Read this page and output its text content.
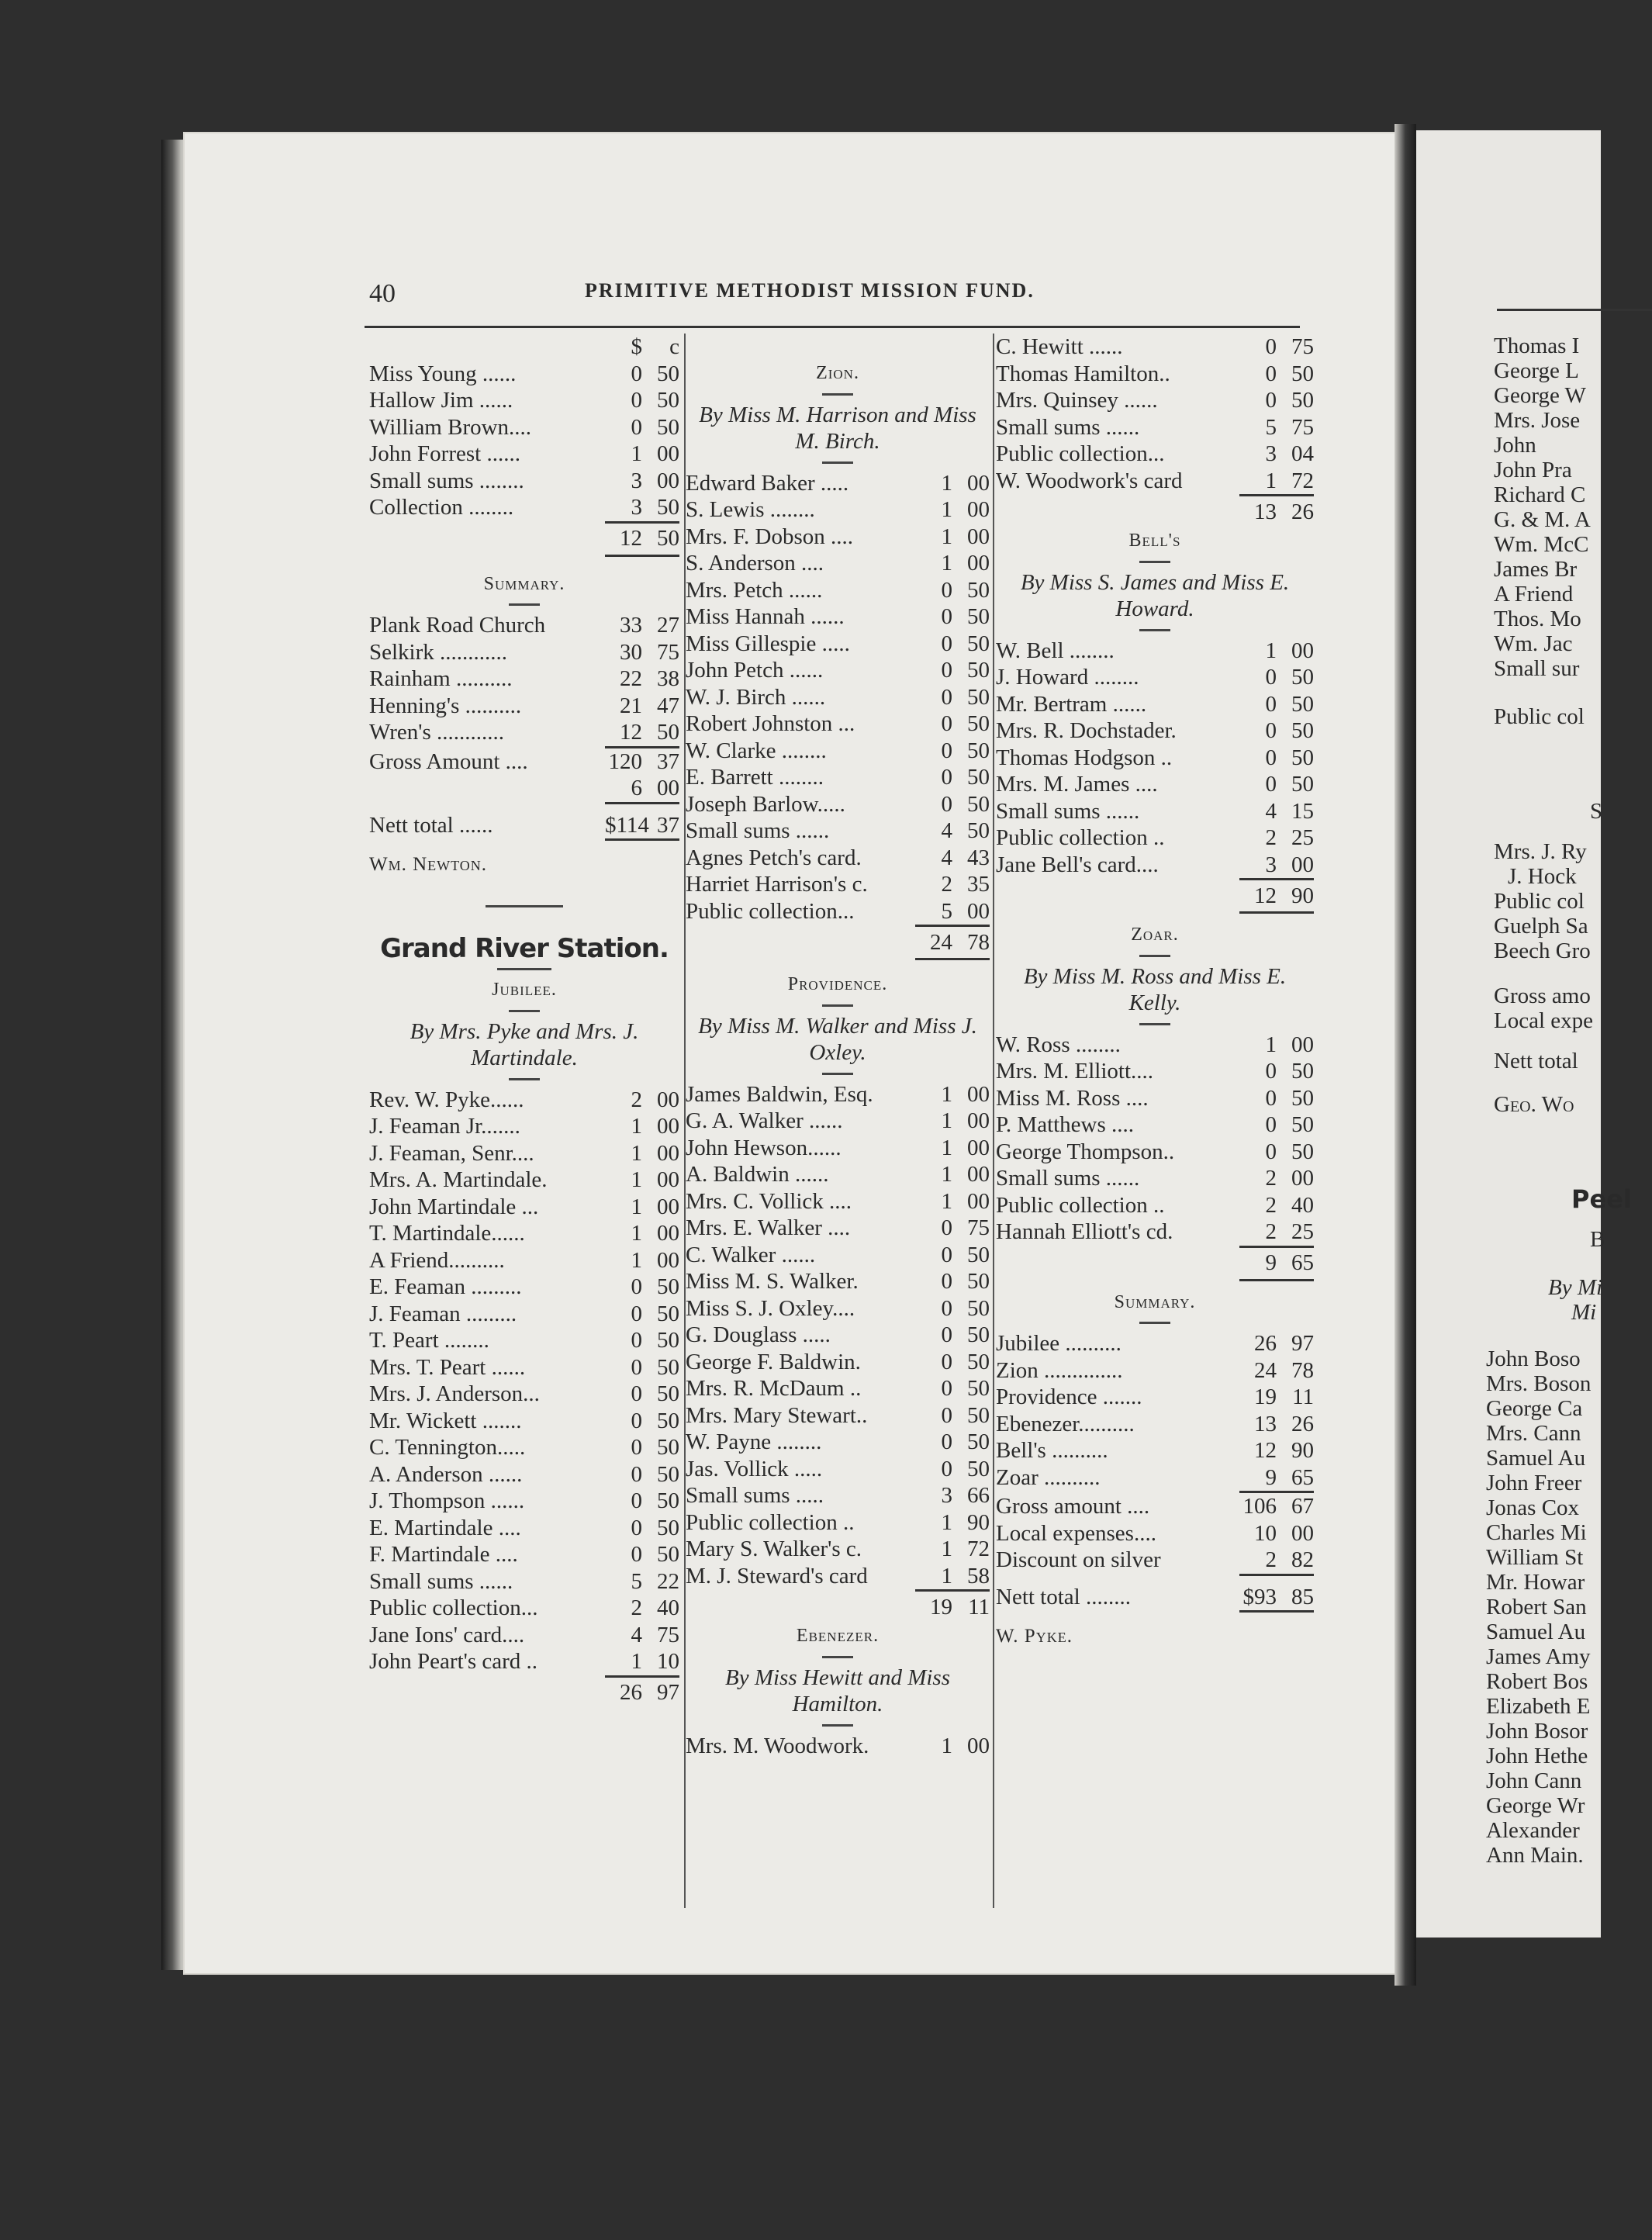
40	PRIMITIVE METHODIST MISSION FUND.
$	c
Miss Young ......	0 50
Hallow Jim ......	0 50
William Brown....	0 50
John Forrest ......	1 00
Small sums ........	3 00
Collection ........	3 50
12 50
Summary.
Plank Road Church	33 27
Selkirk ............	30 75
Rainham ..........	22 38
Henning's ..........	21 47
Wren's ............	12 50
Gross Amount ....	120 37
6 00
Nett total ......	$114 37
Wm. Newton.
Grand River Station.
Jubilee.
By Mrs. Pyke and Mrs. J. Martindale.
Rev. W. Pyke......	2 00
J. Feaman Jr.......	1 00
J. Feaman, Senr....	1 00
Mrs. A. Martindale.	1 00
John Martindale ...	1 00
T. Martindale......	1 00
A Friend..........	1 00
E. Feaman .........	0 50
J. Feaman .........	0 50
T. Peart ........	0 50
Mrs. T. Peart ......	0 50
Mrs. J. Anderson...	0 50
Mr. Wickett .......	0 50
C. Tennington.....	0 50
A. Anderson ......	0 50
J. Thompson ......	0 50
E. Martindale ....	0 50
F. Martindale ....	0 50
Small sums ......	5 22
Public collection...	2 40
Jane Ions' card....	4 75
John Peart's card ..	1 10
26 97
Zion.
By Miss M. Harrison and Miss M. Birch.
Edward Baker .....	1 00
S. Lewis ........	1 00
Mrs. F. Dobson ....	1 00
S. Anderson ....	1 00
Mrs. Petch ......	0 50
Miss Hannah ......	0 50
Miss Gillespie .....	0 50
John Petch ......	0 50
W. J. Birch ......	0 50
Robert Johnston ...	0 50
W. Clarke ........	0 50
E. Barrett ........	0 50
Joseph Barlow.....	0 50
Small sums ......	4 50
Agnes Petch's card.	4 43
Harriet Harrison's c.	2 35
Public collection...	5 00
24 78
Providence.
By Miss M. Walker and Miss J. Oxley.
James Baldwin, Esq.	1 00
G. A. Walker ......	1 00
John Hewson......	1 00
A. Baldwin ......	1 00
Mrs. C. Vollick ....	1 00
Mrs. E. Walker ....	0 75
C. Walker ......	0 50
Miss M. S. Walker.	0 50
Miss S. J. Oxley....	0 50
G. Douglass .....	0 50
George F. Baldwin.	0 50
Mrs. R. McDaum ..	0 50
Mrs. Mary Stewart..	0 50
W. Payne ........	0 50
Jas. Vollick .....	0 50
Small sums .....	3 66
Public collection ..	1 90
Mary S. Walker's c.	1 72
M. J. Steward's card	1 58
19 11
Ebenezer.
By Miss Hewitt and Miss Hamilton.
Mrs. M. Woodwork.	1 00
C. Hewitt ......	0 75
Thomas Hamilton..	0 50
Mrs. Quinsey ......	0 50
Small sums ......	5 75
Public collection...	3 04
W. Woodwork's card	1 72
13 26
Bell's
By Miss S. James and Miss E. Howard.
W. Bell ........	1 00
J. Howard ........	0 50
Mr. Bertram ......	0 50
Mrs. R. Dochstader.	0 50
Thomas Hodgson ..	0 50
Mrs. M. James ....	0 50
Small sums ......	4 15
Public collection ..	2 25
Jane Bell's card....	3 00
12 90
Zoar.
By Miss M. Ross and Miss E. Kelly.
W. Ross ........	1 00
Mrs. M. Elliott....	0 50
Miss M. Ross ....	0 50
P. Matthews ....	0 50
George Thompson..	0 50
Small sums ......	2 00
Public collection ..	2 40
Hannah Elliott's cd.	2 25
9 65
Summary.
Jubilee ..........	26 97
Zion ..............	24 78
Providence .......	19 11
Ebenezer..........	13 26
Bell's ..........	12 90
Zoar ..........	9 65
Gross amount ....	106 67
Local expenses....	10 00
Discount on silver	2 82
Nett total ........	$93 85
W. Pyke.
Thomas I
George L
George W
Mrs. Jose
John
John Pra
Richard C
G. & M. A
Wm. McC
James Br
A Friend
Thos. Mo
Wm. Jac
Small sur
Public col
S
Mrs. J. Ry
J. Hock
Public col
Guelph Sa
Beech Gro
Gross amo
Local expe
Nett total
Geo. Wo
Peel
B
By Mi
Mi
John Boso
Mrs. Boson
George Ca
Mrs. Cann
Samuel Au
John Freer
Jonas Cox
Charles Mi
William St
Mr. Howar
Robert San
Samuel Au
James Amy
Robert Bos
Elizabeth E
John Bosor
John Hethe
John Cann
George Wr
Alexander
Ann Main.
